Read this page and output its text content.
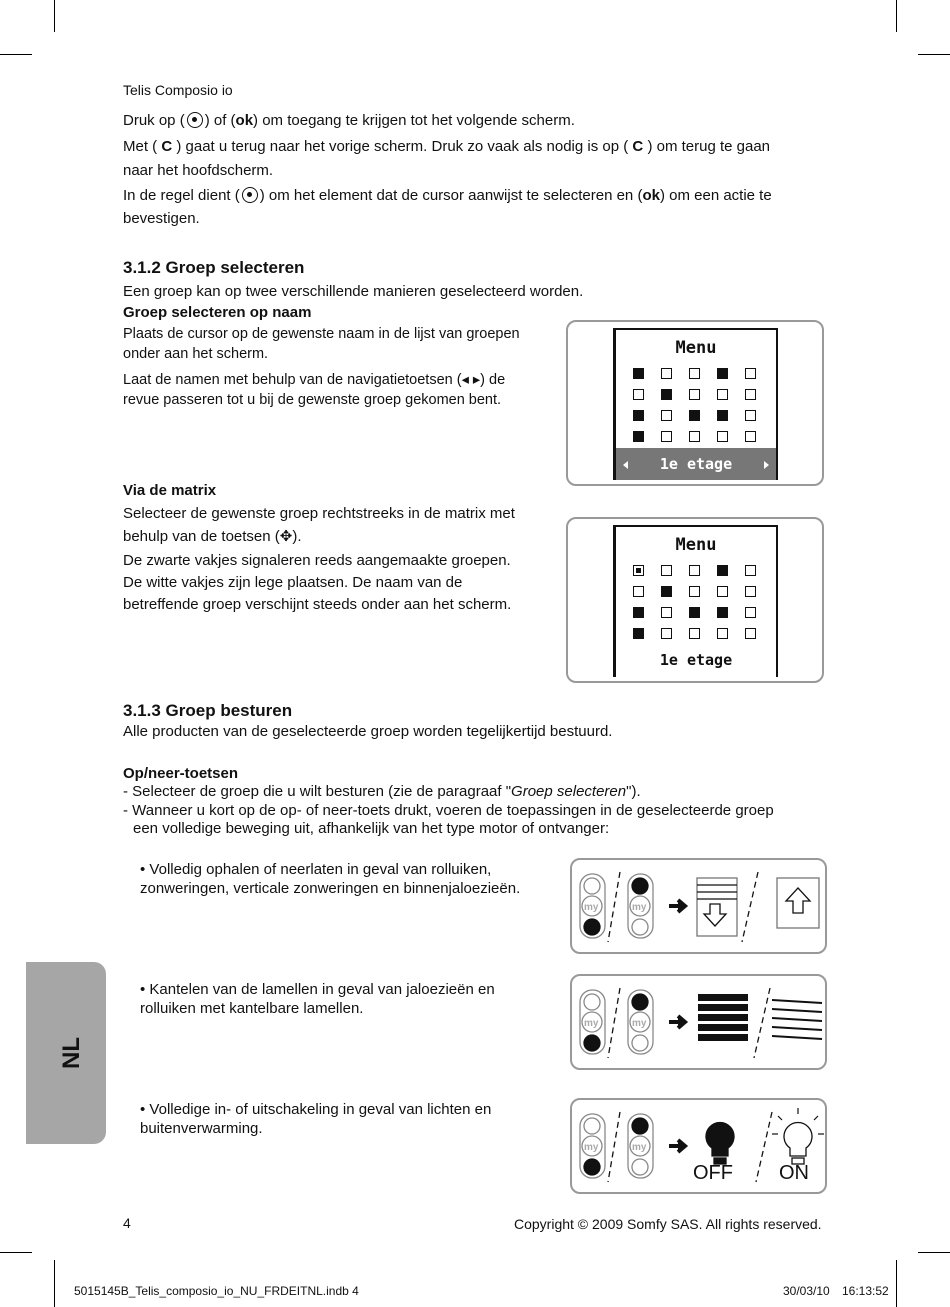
Telis Composio io
Druk op ( ) of (ok) om toegang te krijgen tot het volgende scherm.
Met ( C ) gaat u terug naar het vorige scherm. Druk zo vaak als nodig is op ( C ) om terug te gaan
naar het hoofdscherm.
In de regel dient ( ) om het element dat de cursor aanwijst te selecteren en (ok) om een actie te
bevestigen.
3.1.2 Groep selecteren
Een groep kan op twee verschillende manieren geselecteerd worden.
Groep selecteren op naam
Plaats de cursor op de gewenste naam in de lijst van groepen
onder aan het scherm.
Laat de namen met behulp van de navigatietoetsen (◂ ▸) de
revue passeren tot u bij de gewenste groep gekomen bent.
Menu
1e etage
Via de matrix
Selecteer de gewenste groep rechtstreeks in de matrix met
behulp van de toetsen (✥).
De zwarte vakjes signaleren reeds aangemaakte groepen.
De witte vakjes zijn lege plaatsen. De naam van de
betreffende groep verschijnt steeds onder aan het scherm.
Menu
1e etage
3.1.3 Groep besturen
Alle producten van de geselecteerde groep worden tegelijkertijd bestuurd.
Op/neer-toetsen
- Selecteer de groep die u wilt besturen (zie de paragraaf "Groep selecteren").
- Wanneer u kort op de op- of neer-toets drukt, voeren de toepassingen in de geselecteerde groep
een volledige beweging uit, afhankelijk van het type motor of ontvanger:
• Volledig ophalen of neerlaten in geval van rolluiken,
zonweringen, verticale zonweringen en binnenjaloezieën.
• Kantelen van de lamellen in geval van jaloezieën en
rolluiken met kantelbare lamellen.
• Volledige in- of uitschakeling in geval van lichten en
buitenverwarming.
my	my
my	my
my	my
OFF ON
NL
4	Copyright © 2009 Somfy SAS. All rights reserved.
5015145B_Telis_composio_io_NU_FRDEITNL.indb 4	30/03/10 16:13:52
